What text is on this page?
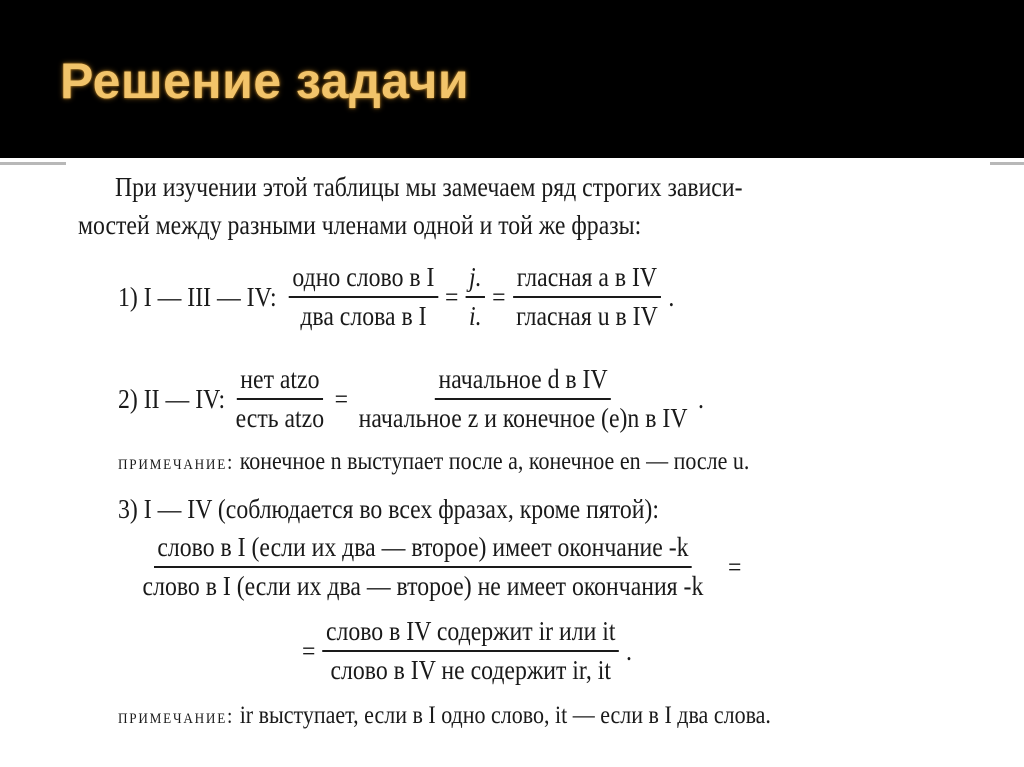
Решение задачи
При изучении этой таблицы мы замечаем ряд строгих зависи-
мостей между разными членами одной и той же фразы:
1) I — III — IV: $\frac{\text{одно слово в I}}{\text{два слова в I}} = \frac{j.}{i.} = \frac{\text{гласная a в IV}}{\text{гласная u в IV}}$ .
2) II — IV: $\frac{\text{нет atzo}}{\text{есть atzo}} = \frac{\text{начальное d в IV}}{\text{начальное z и конечное (e)n в IV}}$ .
примечание: конечное n выступает после a, конечное en — после u.
3) I — IV (соблюдается во всех фразах, кроме пятой):
$\frac{\text{слово в I (если их два — второе) имеет окончание -k}}{\text{слово в I (если их два — второе) не имеет окончания -k}}$ =
= $\frac{\text{слово в IV содержит ir или it}}{\text{слово в IV не содержит ir, it}}$ .
примечание: ir выступает, если в I одно слово, it — если в I два слова.
